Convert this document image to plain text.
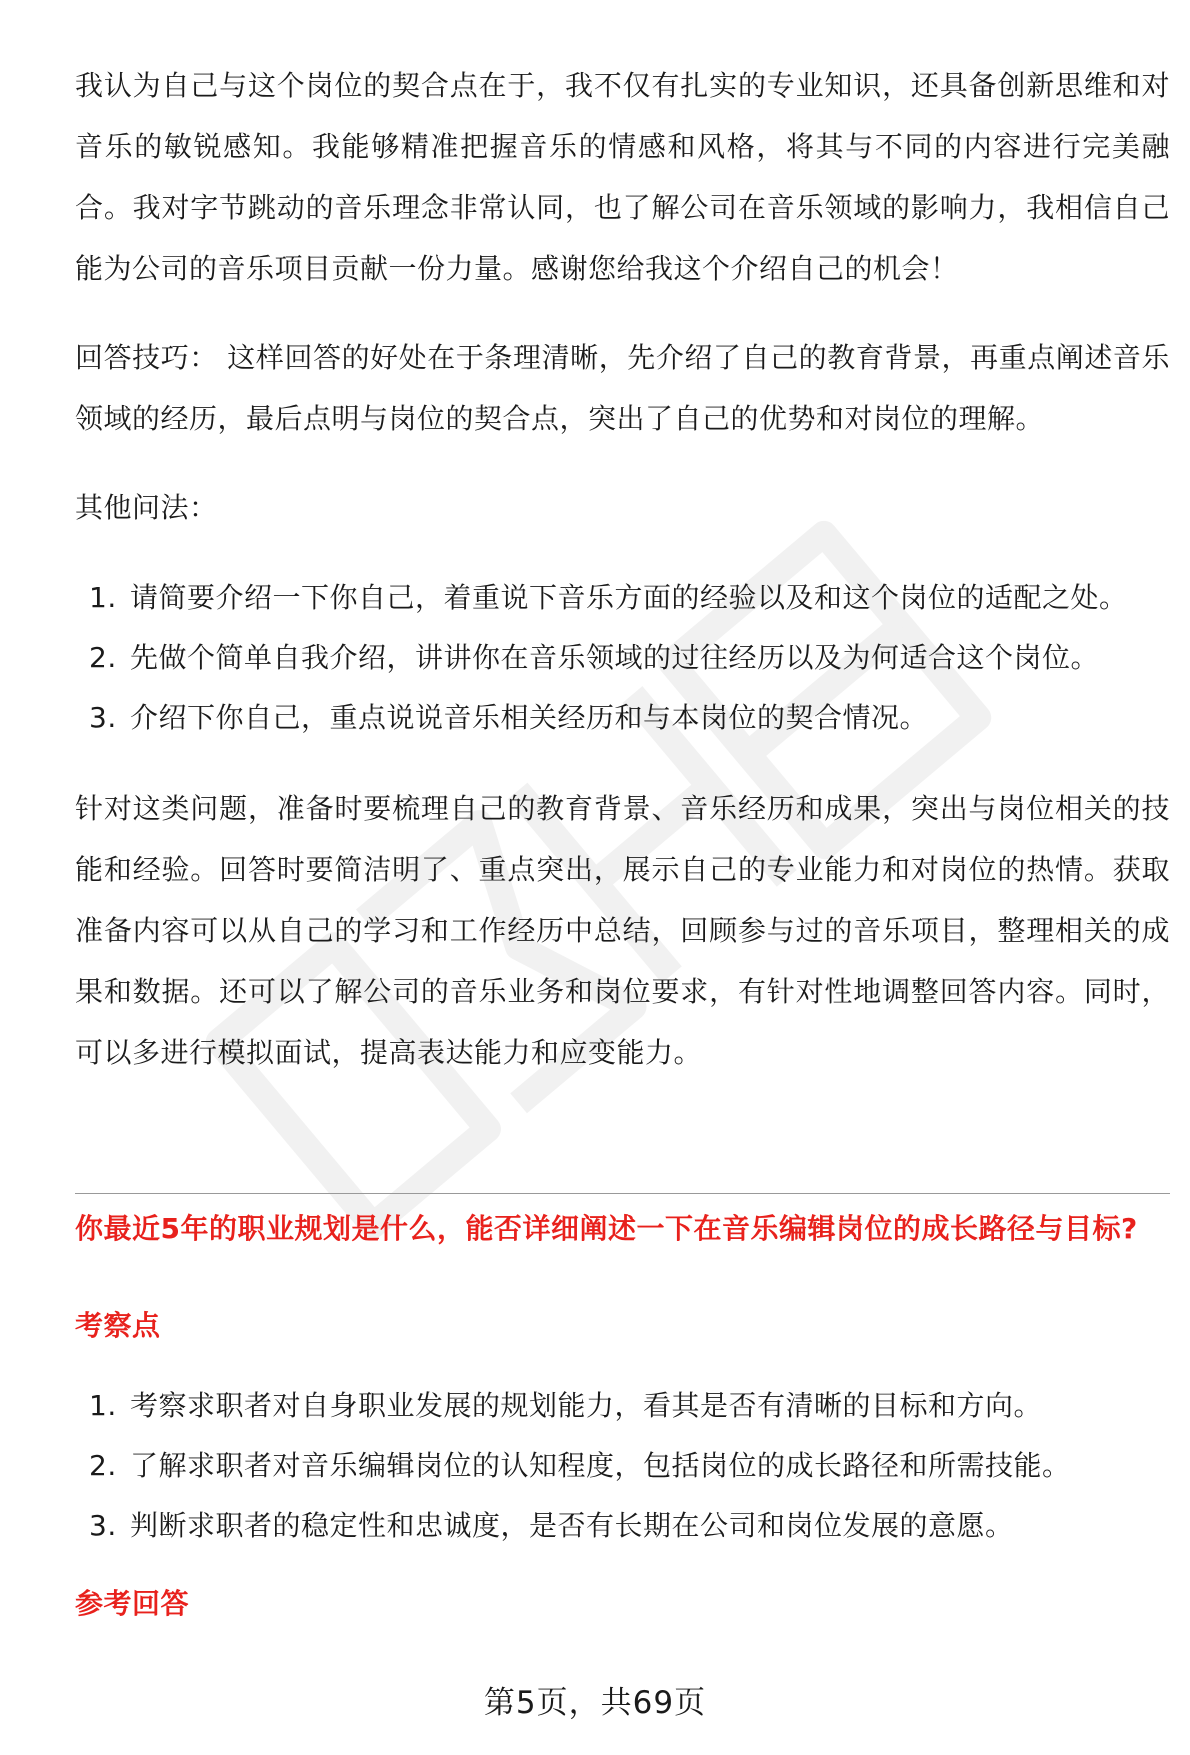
我认为自己与这个岗位的契合点在于，我不仅有扎实的专业知识，还具备创新思维和对音乐的敏锐感知。我能够精准把握音乐的情感和风格，将其与不同的内容进行完美融合。我对字节跳动的音乐理念非常认同，也了解公司在音乐领域的影响力，我相信自己能为公司的音乐项目贡献一份力量。感谢您给我这个介绍自己的机会！

回答技巧： 这样回答的好处在于条理清晰，先介绍了自己的教育背景，再重点阐述音乐领域的经历，最后点明与岗位的契合点，突出了自己的优势和对岗位的理解。

其他问法：

1. 请简要介绍一下你自己，着重说下音乐方面的经验以及和这个岗位的适配之处。
2. 先做个简单自我介绍，讲讲你在音乐领域的过往经历以及为何适合这个岗位。
3. 介绍下你自己，重点说说音乐相关经历和与本岗位的契合情况。

针对这类问题，准备时要梳理自己的教育背景、音乐经历和成果，突出与岗位相关的技能和经验。回答时要简洁明了、重点突出，展示自己的专业能力和对岗位的热情。获取准备内容可以从自己的学习和工作经历中总结，回顾参与过的音乐项目，整理相关的成果和数据。还可以了解公司的音乐业务和岗位要求，有针对性地调整回答内容。同时，可以多进行模拟面试，提高表达能力和应变能力。

你最近5年的职业规划是什么，能否详细阐述一下在音乐编辑岗位的成长路径与目标?
考察点
1. 考察求职者对自身职业发展的规划能力，看其是否有清晰的目标和方向。
2. 了解求职者对音乐编辑岗位的认知程度，包括岗位的成长路径和所需技能。
3. 判断求职者的稳定性和忠诚度，是否有长期在公司和岗位发展的意愿。
参考回答
第5页，共69页
